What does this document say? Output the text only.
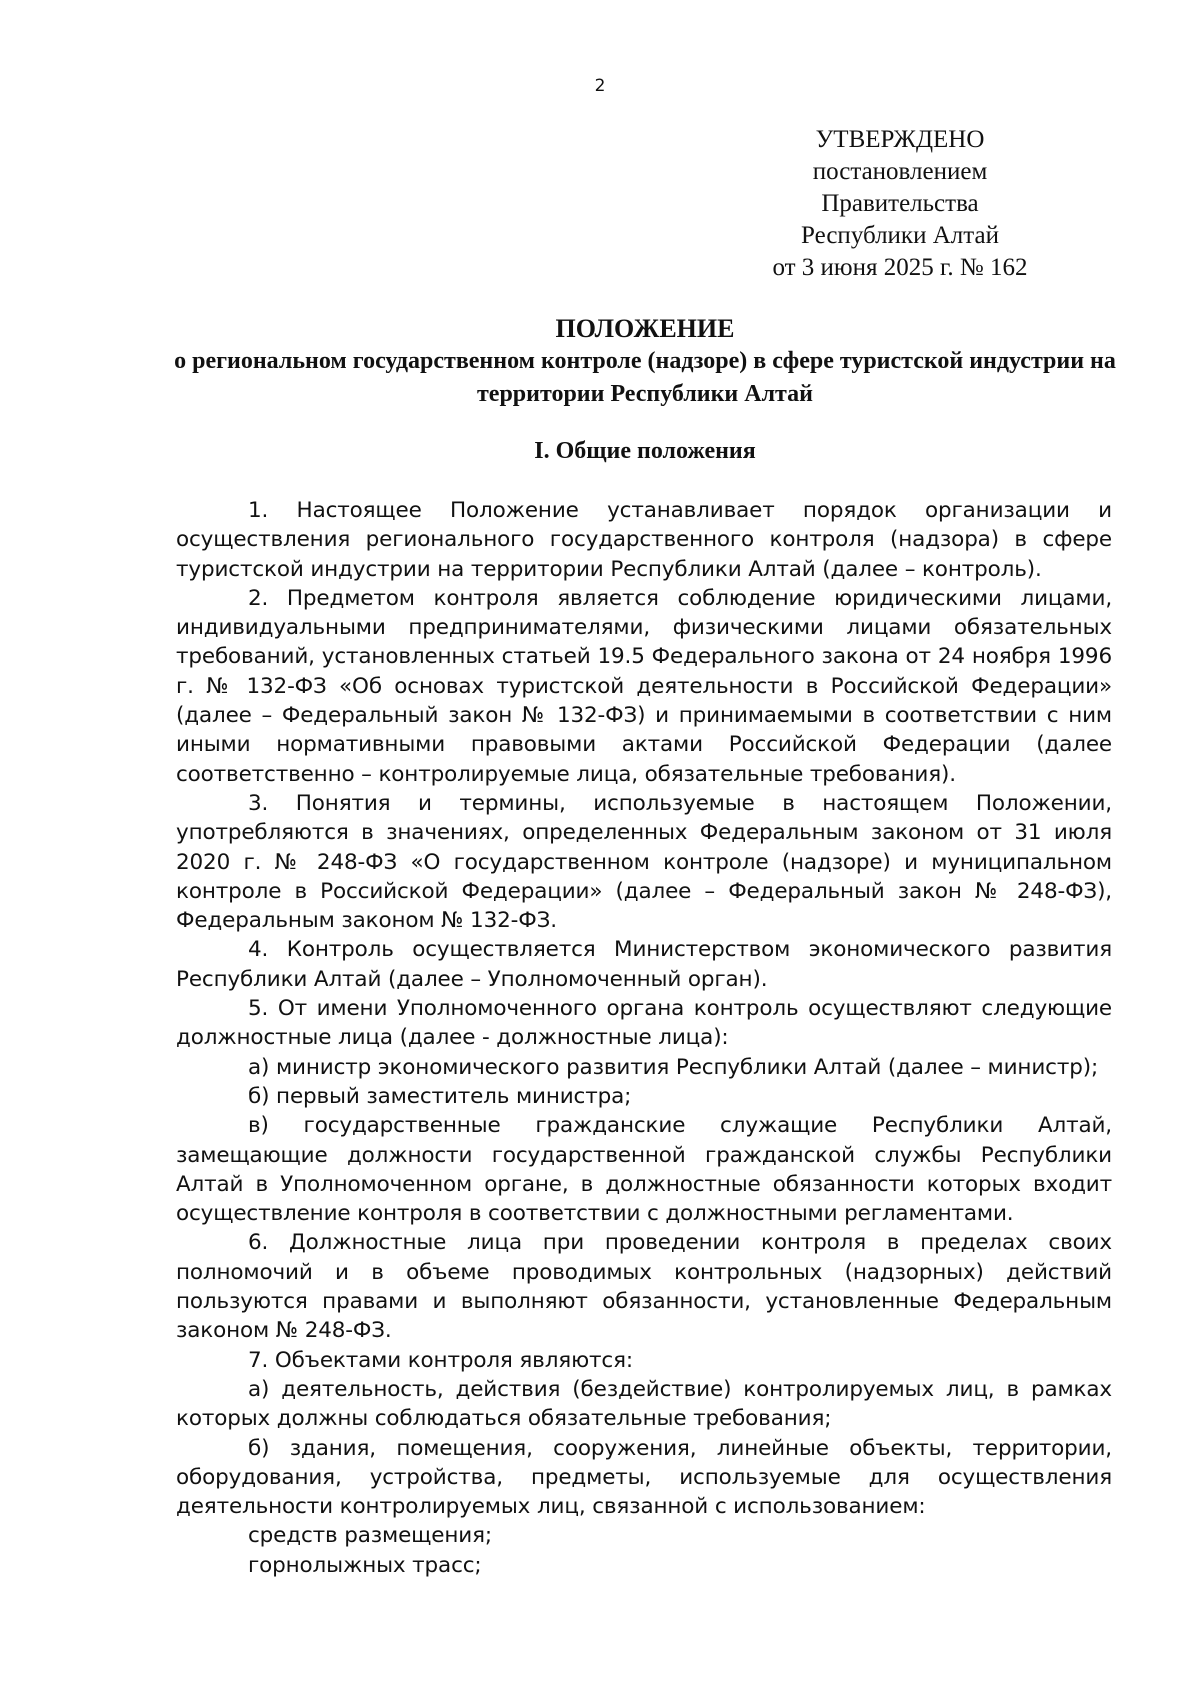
2
УТВЕРЖДЕНО
постановлением Правительства
Республики Алтай
от 3 июня 2025 г. № 162
ПОЛОЖЕНИЕ
о региональном государственном контроле (надзоре) в сфере туристской индустрии на территории Республики Алтай
I. Общие положения

1. Настоящее Положение устанавливает порядок организации и осуществления регионального государственного контроля (надзора) в сфере туристской индустрии на территории Республики Алтай (далее – контроль).

2. Предметом контроля является соблюдение юридическими лицами, индивидуальными предпринимателями, физическими лицами обязательных требований, установленных статьей 19.5 Федерального закона от 24 ноября 1996 г. № 132-ФЗ «Об основах туристской деятельности в Российской Федерации» (далее – Федеральный закон № 132-ФЗ) и принимаемыми в соответствии с ним иными нормативными правовыми актами Российской Федерации (далее соответственно – контролируемые лица, обязательные требования).

3. Понятия и термины, используемые в настоящем Положении, употребляются в значениях, определенных Федеральным законом от 31 июля 2020 г. № 248-ФЗ «О государственном контроле (надзоре) и муниципальном контроле в Российской Федерации» (далее – Федеральный закон № 248-ФЗ), Федеральным законом № 132-ФЗ.

4. Контроль осуществляется Министерством экономического развития Республики Алтай (далее – Уполномоченный орган).

5. От имени Уполномоченного органа контроль осуществляют следующие должностные лица (далее - должностные лица):

а) министр экономического развития Республики Алтай (далее – министр);

б) первый заместитель министра;

в) государственные гражданские служащие Республики Алтай, замещающие должности государственной гражданской службы Республики Алтай в Уполномоченном органе, в должностные обязанности которых входит осуществление контроля в соответствии с должностными регламентами.

6. Должностные лица при проведении контроля в пределах своих полномочий и в объеме проводимых контрольных (надзорных) действий пользуются правами и выполняют обязанности, установленные Федеральным законом № 248-ФЗ.

7. Объектами контроля являются:

а) деятельность, действия (бездействие) контролируемых лиц, в рамках которых должны соблюдаться обязательные требования;

б) здания, помещения, сооружения, линейные объекты, территории, оборудования, устройства, предметы, используемые для осуществления деятельности контролируемых лиц, связанной с использованием:

средств размещения;

горнолыжных трасс;
